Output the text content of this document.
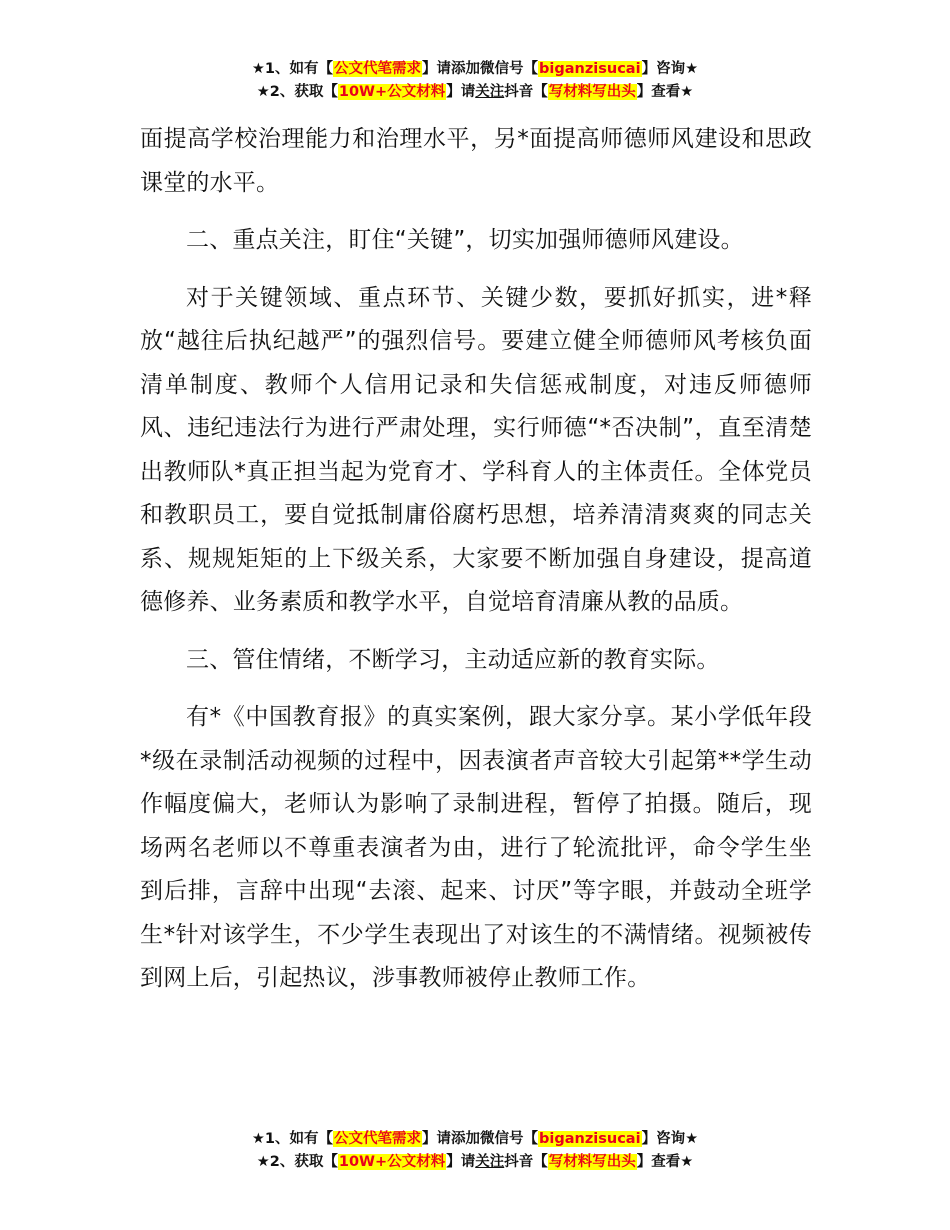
★1、如有【公文代笔需求】请添加微信号【biganzisucai】咨询★
★2、获取【10W+公文材料】请关注抖音【写材料写出头】查看★

面提高学校治理能力和治理水平，另*面提高师德师风建设和思政课堂的水平。

二、重点关注，盯住“关键”，切实加强师德师风建设。

对于关键领域、重点环节、关键少数，要抓好抓实，进*释放“越往后执纪越严”的强烈信号。要建立健全师德师风考核负面清单制度、教师个人信用记录和失信惩戒制度，对违反师德师风、违纪违法行为进行严肃处理，实行师德“*否决制”，直至清楚出教师队*真正担当起为党育才、学科育人的主体责任。全体党员和教职员工，要自觉抵制庸俗腐朽思想，培养清清爽爽的同志关系、规规矩矩的上下级关系，大家要不断加强自身建设，提高道德修养、业务素质和教学水平，自觉培育清廉从教的品质。

三、管住情绪，不断学习，主动适应新的教育实际。

有*《中国教育报》的真实案例，跟大家分享。某小学低年段*级在录制活动视频的过程中，因表演者声音较大引起第**学生动作幅度偏大，老师认为影响了录制进程，暂停了拍摄。随后，现场两名老师以不尊重表演者为由，进行了轮流批评，命令学生坐到后排，言辞中出现“去滚、起来、讨厌”等字眼，并鼓动全班学生*针对该学生，不少学生表现出了对该生的不满情绪。视频被传到网上后，引起热议，涉事教师被停止教师工作。

★1、如有【公文代笔需求】请添加微信号【biganzisucai】咨询★
★2、获取【10W+公文材料】请关注抖音【写材料写出头】查看★
